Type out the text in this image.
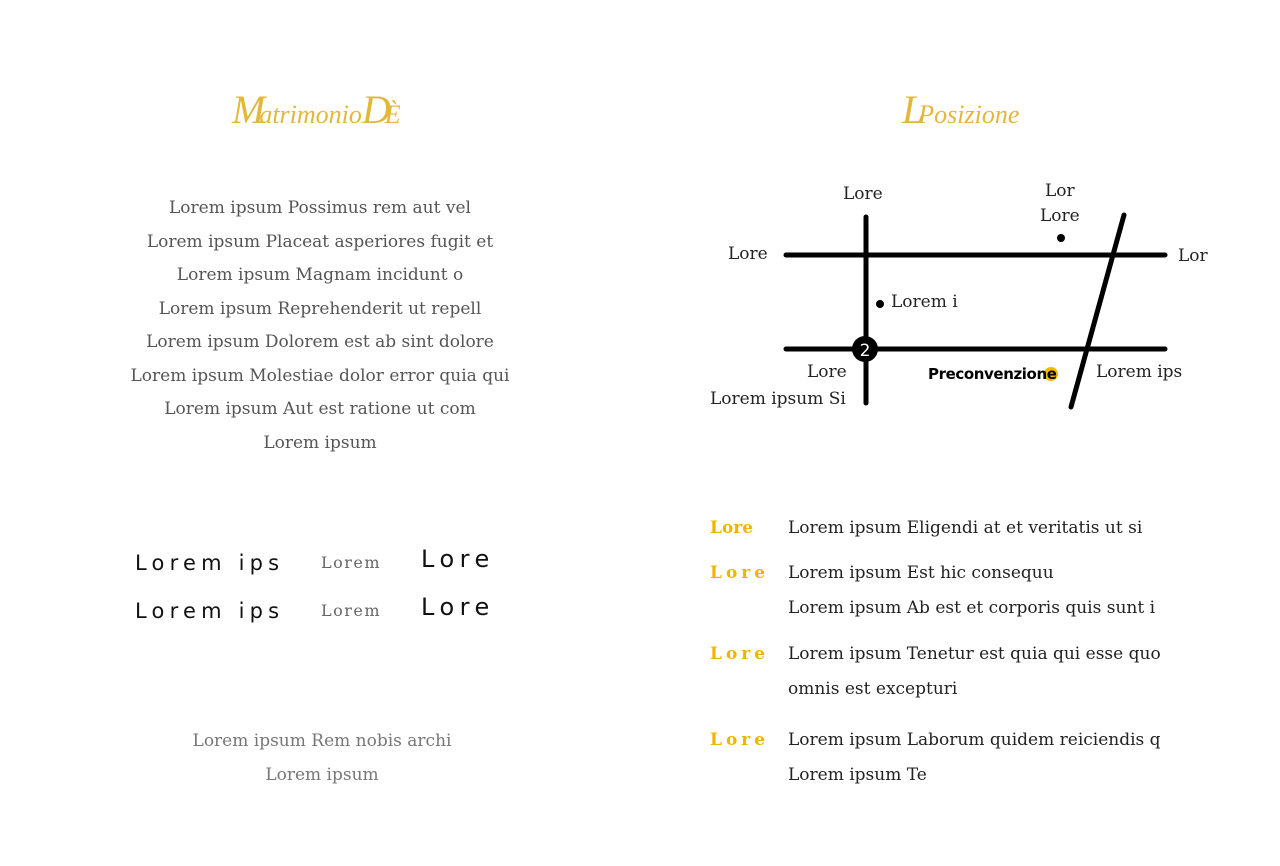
MatrimonioDÈ
Lorem ipsum Possimus rem aut vel
Lorem ipsum Placeat asperiores fugit et
Lorem ipsum Magnam incidunt o
Lorem ipsum Reprehenderit ut repell
Lorem ipsum Dolorem est ab sint dolore
Lorem ipsum Molestiae dolor error quia qui
Lorem ipsum Aut est ratione ut com
Lorem ipsum
Lorem ips Lorem Lore
Lorem ips Lorem Lore
Lorem ipsum Rem nobis archi
Lorem ipsum
LPosizione
2
Lore	Lor
Lore
Lore	Lor
Lorem i
Lore
Lorem ipsum Si
Preconvenzione Lorem ips
Lore Lorem ipsum Eligendi at et veritatis ut si
Lore Lorem ipsum Est hic consequu
Lorem ipsum Ab est et corporis quis sunt i
Lore Lorem ipsum Tenetur est quia qui esse quo
omnis est excepturi
Lore Lorem ipsum Laborum quidem reiciendis q
Lorem ipsum Te
